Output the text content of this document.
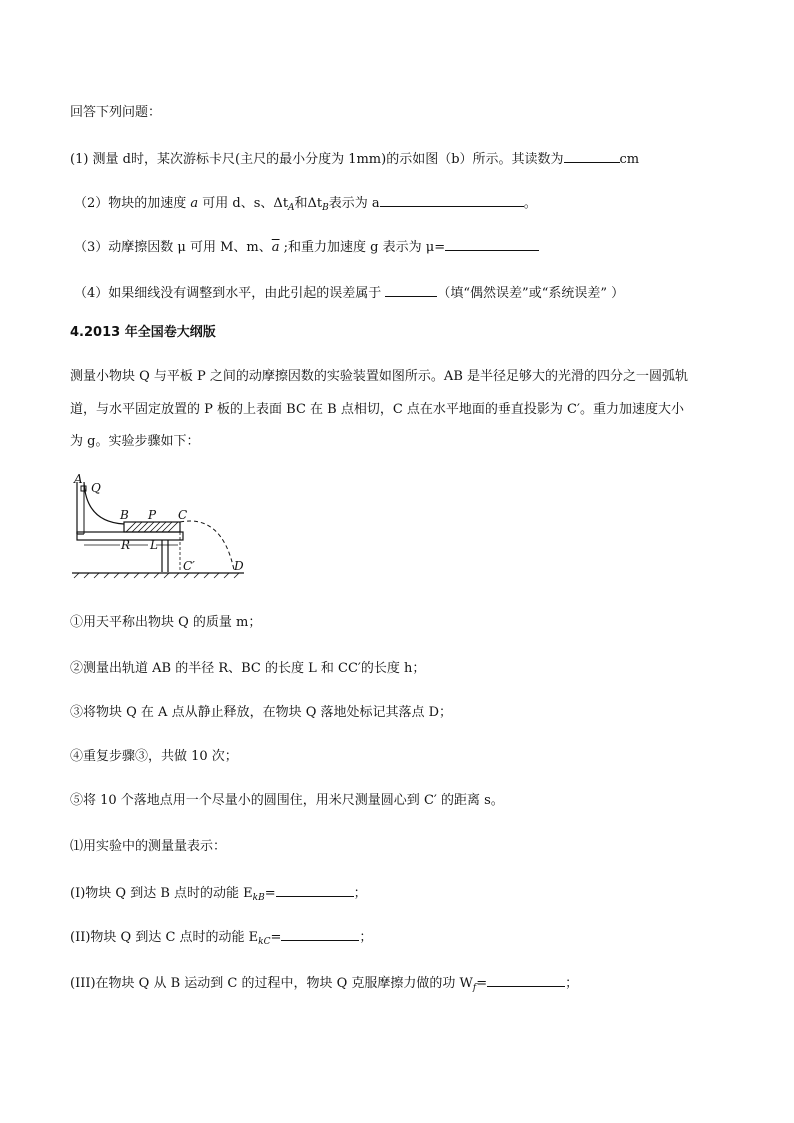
回答下列问题：
(1) 测量 d时，某次游标卡尺(主尺的最小分度为 1mm)的示如图（b）所示。其读数为	cm
（2）物块的加速度 a 可用 d、s、$\Delta t_A$和$\Delta t_B$表示为 a	。
（3）动摩擦因数 μ 可用 M、m、$\overline{a}$ ;和重力加速度 g 表示为 μ=
（4）如果细线没有调整到水平，由此引起的误差属于	（填“偶然误差”或“系统误差” ）
4.2013 年全国卷大纲版
测量小物块 Q 与平板 P 之间的动摩擦因数的实验装置如图所示。AB 是半径足够大的光滑的四分之一圆弧轨
道，与水平固定放置的 P 板的上表面 BC 在 B 点相切，C 点在水平地面的垂直投影为 C′。重力加速度大小
为 g。实验步骤如下：
A
Q
B P C
R L
C′	D
①用天平称出物块 Q 的质量 m；
②测量出轨道 AB 的半径 R、BC 的长度 L 和 CC′的长度 h；
③将物块 Q 在 A 点从静止释放，在物块 Q 落地处标记其落点 D；
④重复步骤③，共做 10 次；
⑤将 10 个落地点用一个尽量小的圆围住，用米尺测量圆心到 C′ 的距离 s。
⑴用实验中的测量量表示：
(I)物块 Q 到达 B 点时的动能 $E_{kB}=$	；
(II)物块 Q 到达 C 点时的动能 $E_{kC}=$	；
(III)在物块 Q 从 B 运动到 C 的过程中，物块 Q 克服摩擦力做的功 $W_f=$	；
